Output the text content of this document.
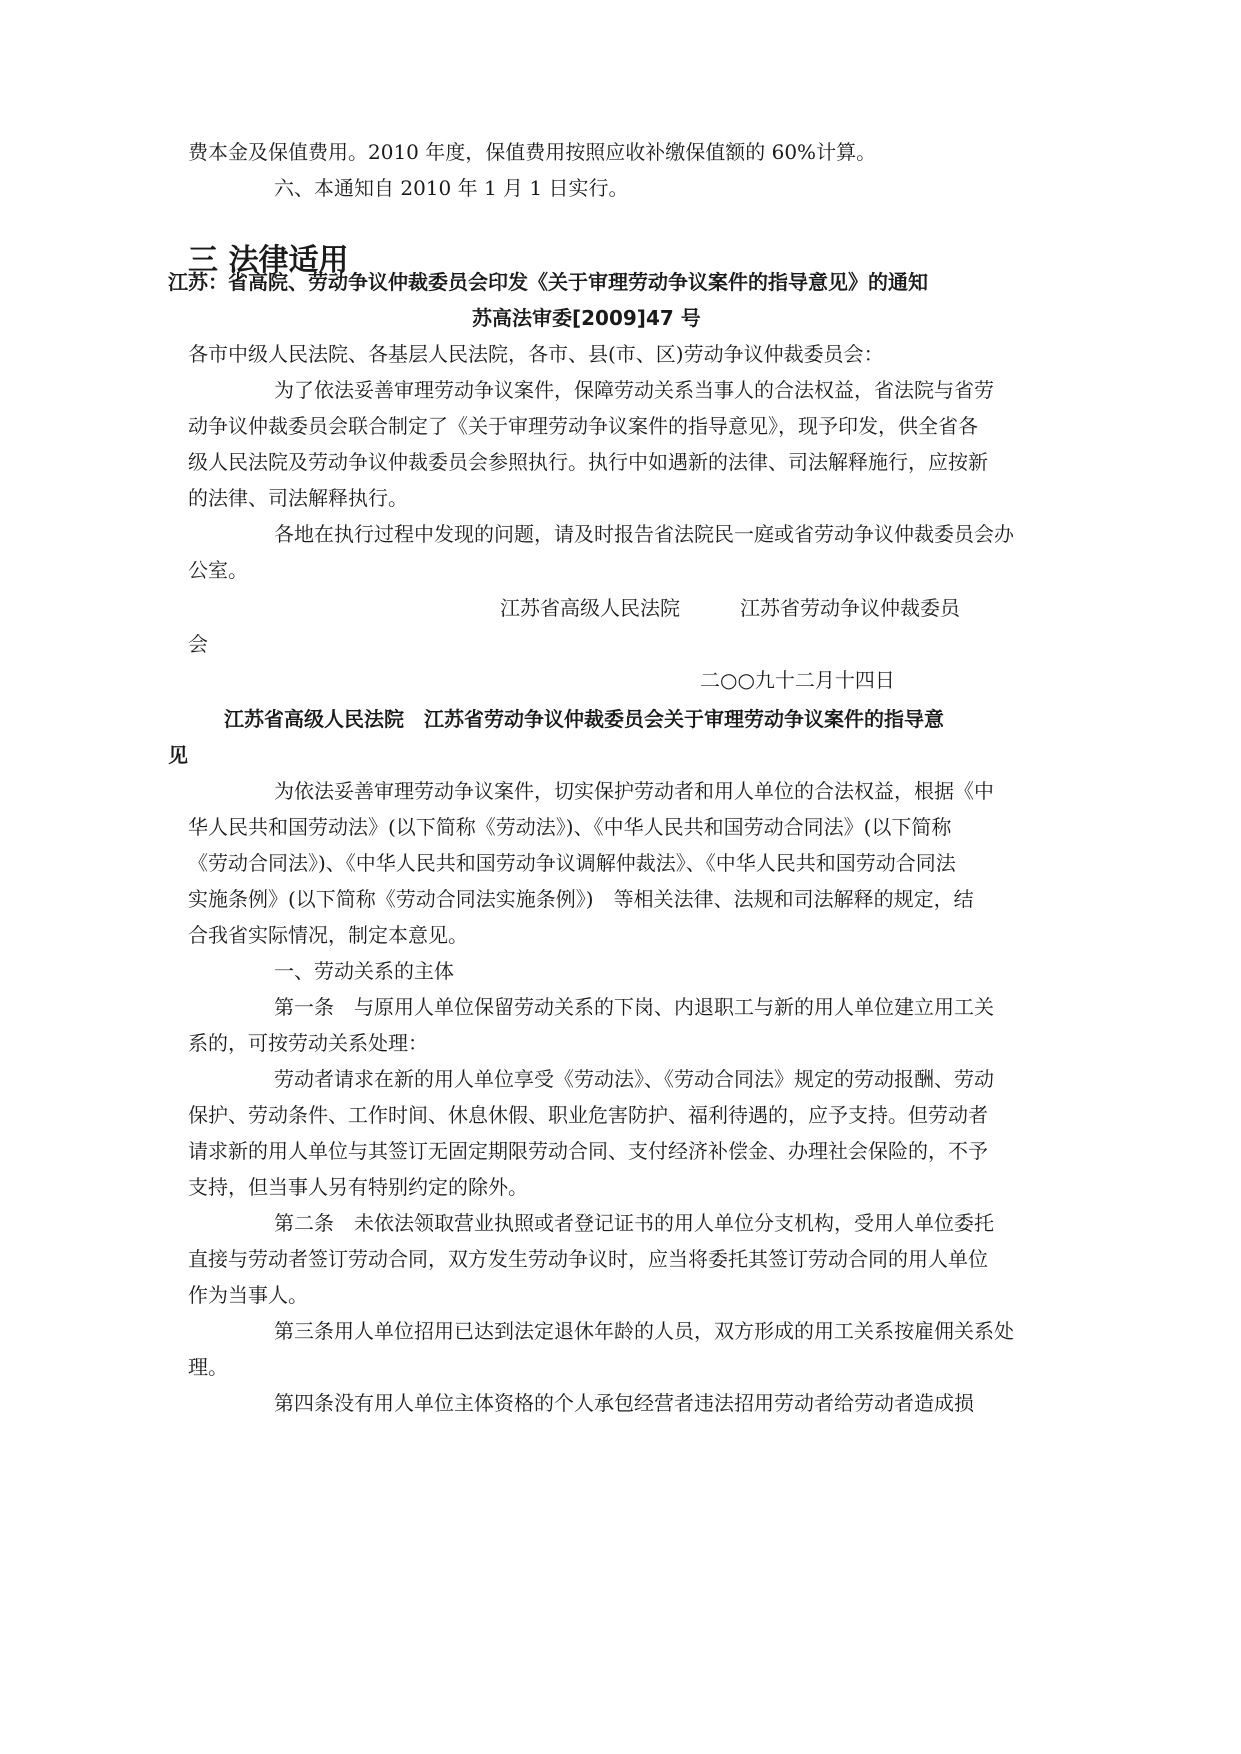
费本金及保值费用。2010 年度，保值费用按照应收补缴保值额的 60%计算。
六、本通知自 2010 年 1 月 1 日实行。
三 法律适用
江苏：省高院、劳动争议仲裁委员会印发《关于审理劳动争议案件的指导意见》的通知
苏高法审委[2009]47 号
各市中级人民法院、各基层人民法院，各市、县(市、区)劳动争议仲裁委员会：
为了依法妥善审理劳动争议案件，保障劳动关系当事人的合法权益，省法院与省劳
动争议仲裁委员会联合制定了《关于审理劳动争议案件的指导意见》，现予印发，供全省各
级人民法院及劳动争议仲裁委员会参照执行。执行中如遇新的法律、司法解释施行，应按新
的法律、司法解释执行。
各地在执行过程中发现的问题，请及时报告省法院民一庭或省劳动争议仲裁委员会办
公室。
江苏省高级人民法院　　　江苏省劳动争议仲裁委员
会
二○○九十二月十四日
江苏省高级人民法院　江苏省劳动争议仲裁委员会关于审理劳动争议案件的指导意
见
为依法妥善审理劳动争议案件，切实保护劳动者和用人单位的合法权益，根据《中
华人民共和国劳动法》(以下简称《劳动法》)、《中华人民共和国劳动合同法》(以下简称
《劳动合同法》)、《中华人民共和国劳动争议调解仲裁法》、《中华人民共和国劳动合同法
实施条例》(以下简称《劳动合同法实施条例》)　等相关法律、法规和司法解释的规定，结
合我省实际情况，制定本意见。
一、劳动关系的主体
第一条　与原用人单位保留劳动关系的下岗、内退职工与新的用人单位建立用工关
系的，可按劳动关系处理：
劳动者请求在新的用人单位享受《劳动法》、《劳动合同法》规定的劳动报酬、劳动
保护、劳动条件、工作时间、休息休假、职业危害防护、福利待遇的，应予支持。但劳动者
请求新的用人单位与其签订无固定期限劳动合同、支付经济补偿金、办理社会保险的，不予
支持，但当事人另有特别约定的除外。
第二条　未依法领取营业执照或者登记证书的用人单位分支机构，受用人单位委托
直接与劳动者签订劳动合同，双方发生劳动争议时，应当将委托其签订劳动合同的用人单位
作为当事人。
第三条用人单位招用已达到法定退休年龄的人员，双方形成的用工关系按雇佣关系处
理。
第四条没有用人单位主体资格的个人承包经营者违法招用劳动者给劳动者造成损
